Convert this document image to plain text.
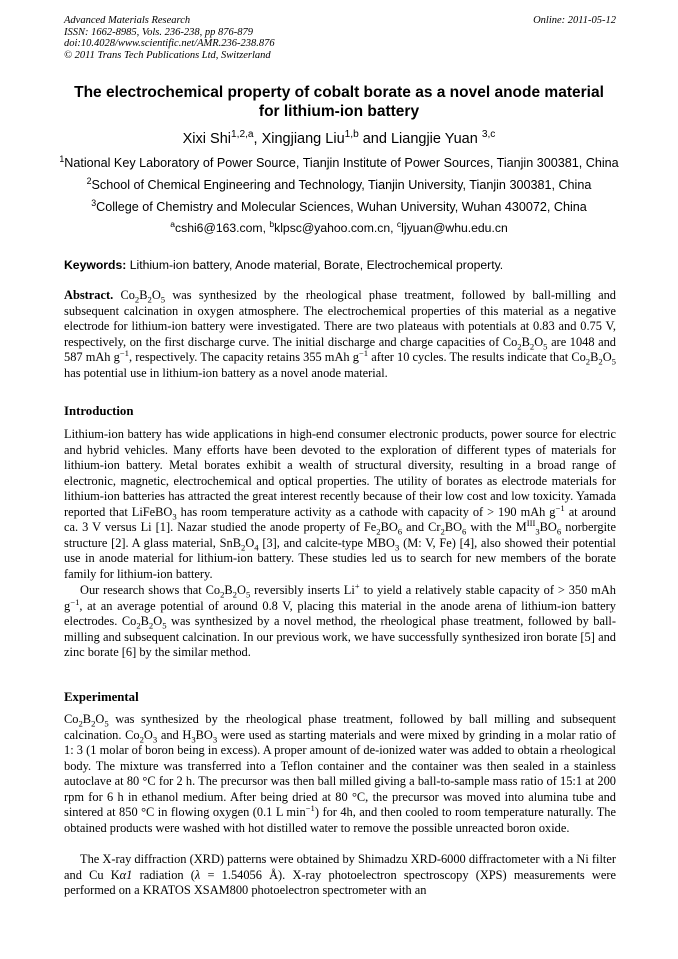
Advanced Materials Research
ISSN: 1662-8985, Vols. 236-238, pp 876-879
doi:10.4028/www.scientific.net/AMR.236-238.876
© 2011 Trans Tech Publications Ltd, Switzerland
Online: 2011-05-12
The electrochemical property of cobalt borate as a novel anode material
for lithium-ion battery
Xixi Shi$^{1,2,a}$, Xingjiang Liu$^{1,b}$ and Liangjie Yuan $^{3,c}$
$^1$National Key Laboratory of Power Source, Tianjin Institute of Power Sources, Tianjin 300381, China
$^2$School of Chemical Engineering and Technology, Tianjin University, Tianjin 300381, China
$^3$College of Chemistry and Molecular Sciences, Wuhan University, Wuhan 430072, China
$^a$cshi6@163.com, $^b$klpsc@yahoo.com.cn, $^c$ljyuan@whu.edu.cn
Keywords: Lithium-ion battery, Anode material, Borate, Electrochemical property.
Abstract. $Co_2B_2O_5$ was synthesized by the rheological phase treatment, followed by ball-milling and subsequent calcination in oxygen atmosphere. The electrochemical properties of this material as a negative electrode for lithium-ion battery were investigated. There are two plateaus with potentials at 0.83 and 0.75 V, respectively, on the first discharge curve. The initial discharge and charge capacities of $Co_2B_2O_5$ are 1048 and 587 mAh $g^{-1}$, respectively. The capacity retains 355 mAh $g^{-1}$ after 10 cycles. The results indicate that $Co_2B_2O_5$ has potential use in lithium-ion battery as a novel anode material.
Introduction
Lithium-ion battery has wide applications in high-end consumer electronic products, power source for electric and hybrid vehicles. Many efforts have been devoted to the exploration of different types of materials for lithium-ion battery. Metal borates exhibit a wealth of structural diversity, resulting in a broad range of electronic, magnetic, electrochemical and optical properties. The utility of borates as electrode materials for lithium-ion batteries has attracted the great interest recently because of their low cost and low toxicity. Yamada reported that LiFeBO$_3$ has room temperature activity as a cathode with capacity of > 190 mAh $g^{-1}$ at around ca. 3 V versus Li [1]. Nazar studied the anode property of $Fe_2BO_6$ and $Cr_2BO_6$ with the $M^{III}_3BO_6$ norbergite structure [2]. A glass material, $SnB_2O_4$ [3], and calcite-type $MBO_3$ (M: V, Fe) [4], also showed their potential use in anode material for lithium-ion battery. These studies led us to search for new members of the borate family for lithium-ion battery.
Our research shows that $Co_2B_2O_5$ reversibly inserts Li+ to yield a relatively stable capacity of > 350 mAh $g^{-1}$, at an average potential of around 0.8 V, placing this material in the anode arena of lithium-ion battery electrodes. $Co_2B_2O_5$ was synthesized by a novel method, the rheological phase treatment, followed by ball-milling and subsequent calcination. In our previous work, we have successfully synthesized iron borate [5] and zinc borate [6] by the similar method.
Experimental
$Co_2B_2O_5$ was synthesized by the rheological phase treatment, followed by ball milling and subsequent calcination. $Co_2O_3$ and $H_3BO_3$ were used as starting materials and were mixed by grinding in a molar ratio of 1: 3 (1 molar of boron being in excess). A proper amount of de-ionized water was added to obtain a rheological body. The mixture was transferred into a Teflon container and the container was then sealed in a stainless autoclave at 80 °C for 2 h. The precursor was then ball milled giving a ball-to-sample mass ratio of 15:1 at 200 rpm for 6 h in ethanol medium. After being dried at 80 °C, the precursor was moved into alumina tube and sintered at 850 °C in flowing oxygen (0.1 L $\min^{-1}$) for 4h, and then cooled to room temperature naturally. The obtained products were washed with hot distilled water to remove the possible unreacted boron oxide.
The X-ray diffraction (XRD) patterns were obtained by Shimadzu XRD-6000 diffractometer with a Ni filter and Cu Kα1 radiation (λ = 1.54056 Å). X-ray photoelectron spectroscopy (XPS) measurements were performed on a KRATOS XSAM800 photoelectron spectrometer with an
